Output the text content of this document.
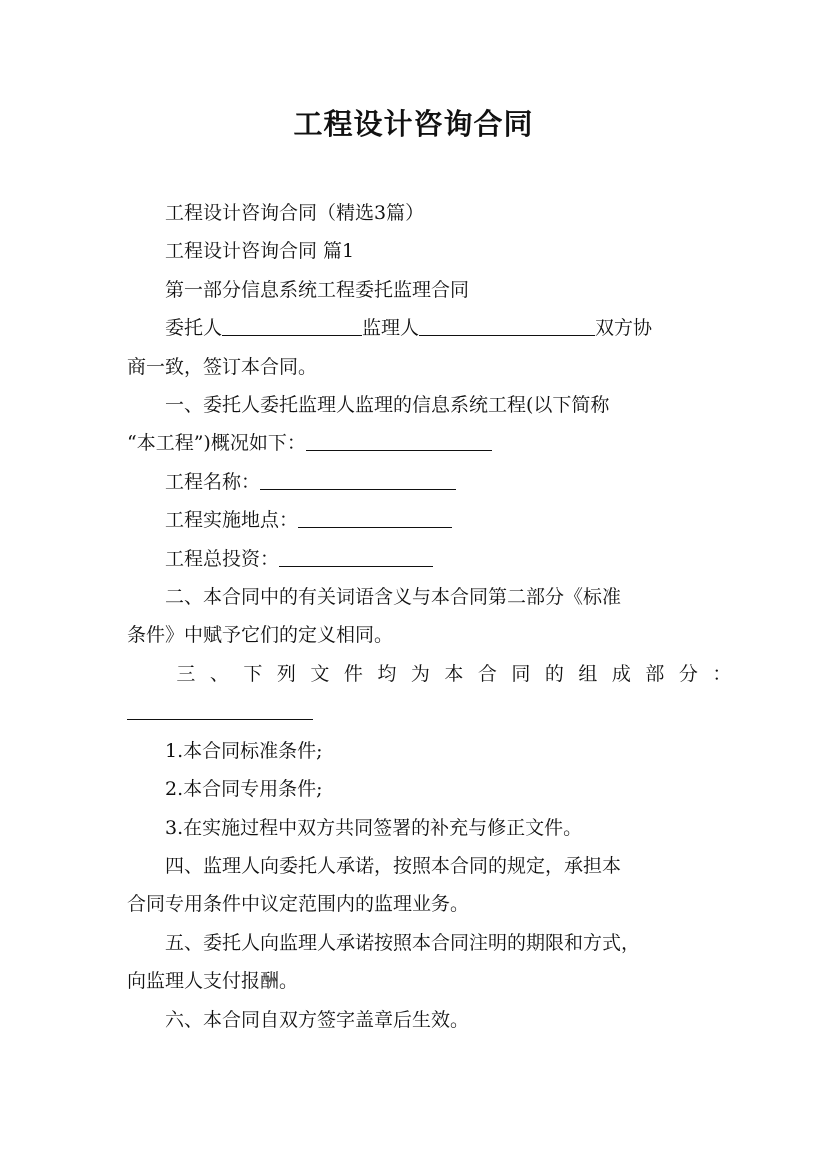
工程设计咨询合同

工程设计咨询合同（精选3篇）

工程设计咨询合同 篇1

第一部分信息系统工程委托监理合同

委托人	监理人	双方协

商一致，签订本合同。

一、委托人委托监理人监理的信息系统工程(以下简称

“本工程”)概况如下：

工程名称：

工程实施地点：

工程总投资：

二、本合同中的有关词语含义与本合同第二部分《标准

条件》中赋予它们的定义相同。

三、下列文件均为本合同的组成部分：

1.本合同标准条件;

2.本合同专用条件;

3.在实施过程中双方共同签署的补充与修正文件。

四、监理人向委托人承诺，按照本合同的规定，承担本

合同专用条件中议定范围内的监理业务。

五、委托人向监理人承诺按照本合同注明的期限和方式，

向监理人支付报酬。

六、本合同自双方签字盖章后生效。
